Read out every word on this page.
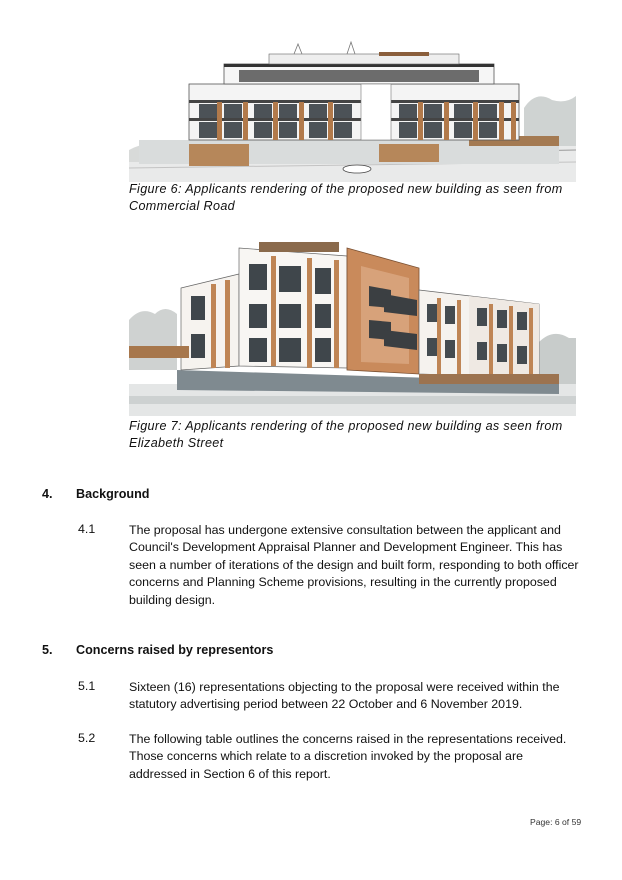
Figure 6: Applicants rendering of the proposed new building as seen from Commercial Road
Figure 7: Applicants rendering of the proposed new building as seen from Elizabeth Street
4. Background
4.1	The proposal has undergone extensive consultation between the applicant and Council's Development Appraisal Planner and Development Engineer. This has seen a number of iterations of the design and built form, responding to both officer concerns and Planning Scheme provisions, resulting in the currently proposed building design.
5. Concerns raised by representors
5.1	Sixteen (16) representations objecting to the proposal were received within the statutory advertising period between 22 October and 6 November 2019.
5.2	The following table outlines the concerns raised in the representations received. Those concerns which relate to a discretion invoked by the proposal are addressed in Section 6 of this report.
Page: 6 of 59
